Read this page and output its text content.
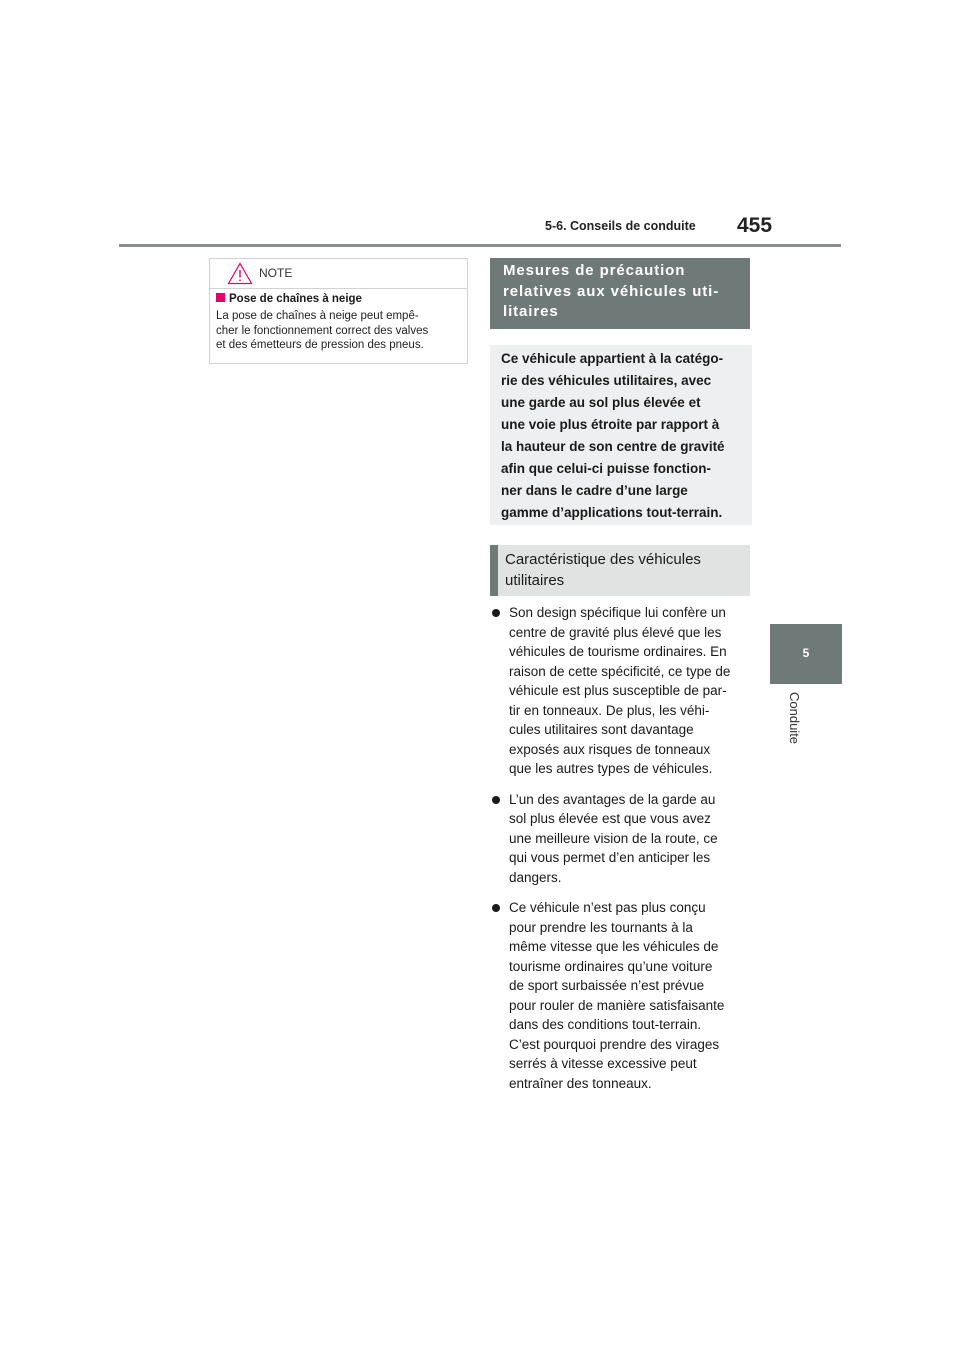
5-6. Conseils de conduite 455
5
Conduite
NOTE
Pose de chaînes à neige
La pose de chaînes à neige peut empê-
cher le fonctionnement correct des valves
et des émetteurs de pression des pneus.
Mesures de précaution
relatives aux véhicules uti-
litaires
Ce véhicule appartient à la catégo-
rie des véhicules utilitaires, avec
une garde au sol plus élevée et
une voie plus étroite par rapport à
la hauteur de son centre de gravité
afin que celui-ci puisse fonction-
ner dans le cadre d’une large
gamme d’applications tout-terrain.
Caractéristique des véhicules
utilitaires
Son design spécifique lui confère un
centre de gravité plus élevé que les
véhicules de tourisme ordinaires. En
raison de cette spécificité, ce type de
véhicule est plus susceptible de par-
tir en tonneaux. De plus, les véhi-
cules utilitaires sont davantage
exposés aux risques de tonneaux
que les autres types de véhicules.
L’un des avantages de la garde au
sol plus élevée est que vous avez
une meilleure vision de la route, ce
qui vous permet d’en anticiper les
dangers.
Ce véhicule n’est pas plus conçu
pour prendre les tournants à la
même vitesse que les véhicules de
tourisme ordinaires qu’une voiture
de sport surbaissée n’est prévue
pour rouler de manière satisfaisante
dans des conditions tout-terrain.
C’est pourquoi prendre des virages
serrés à vitesse excessive peut
entraîner des tonneaux.
